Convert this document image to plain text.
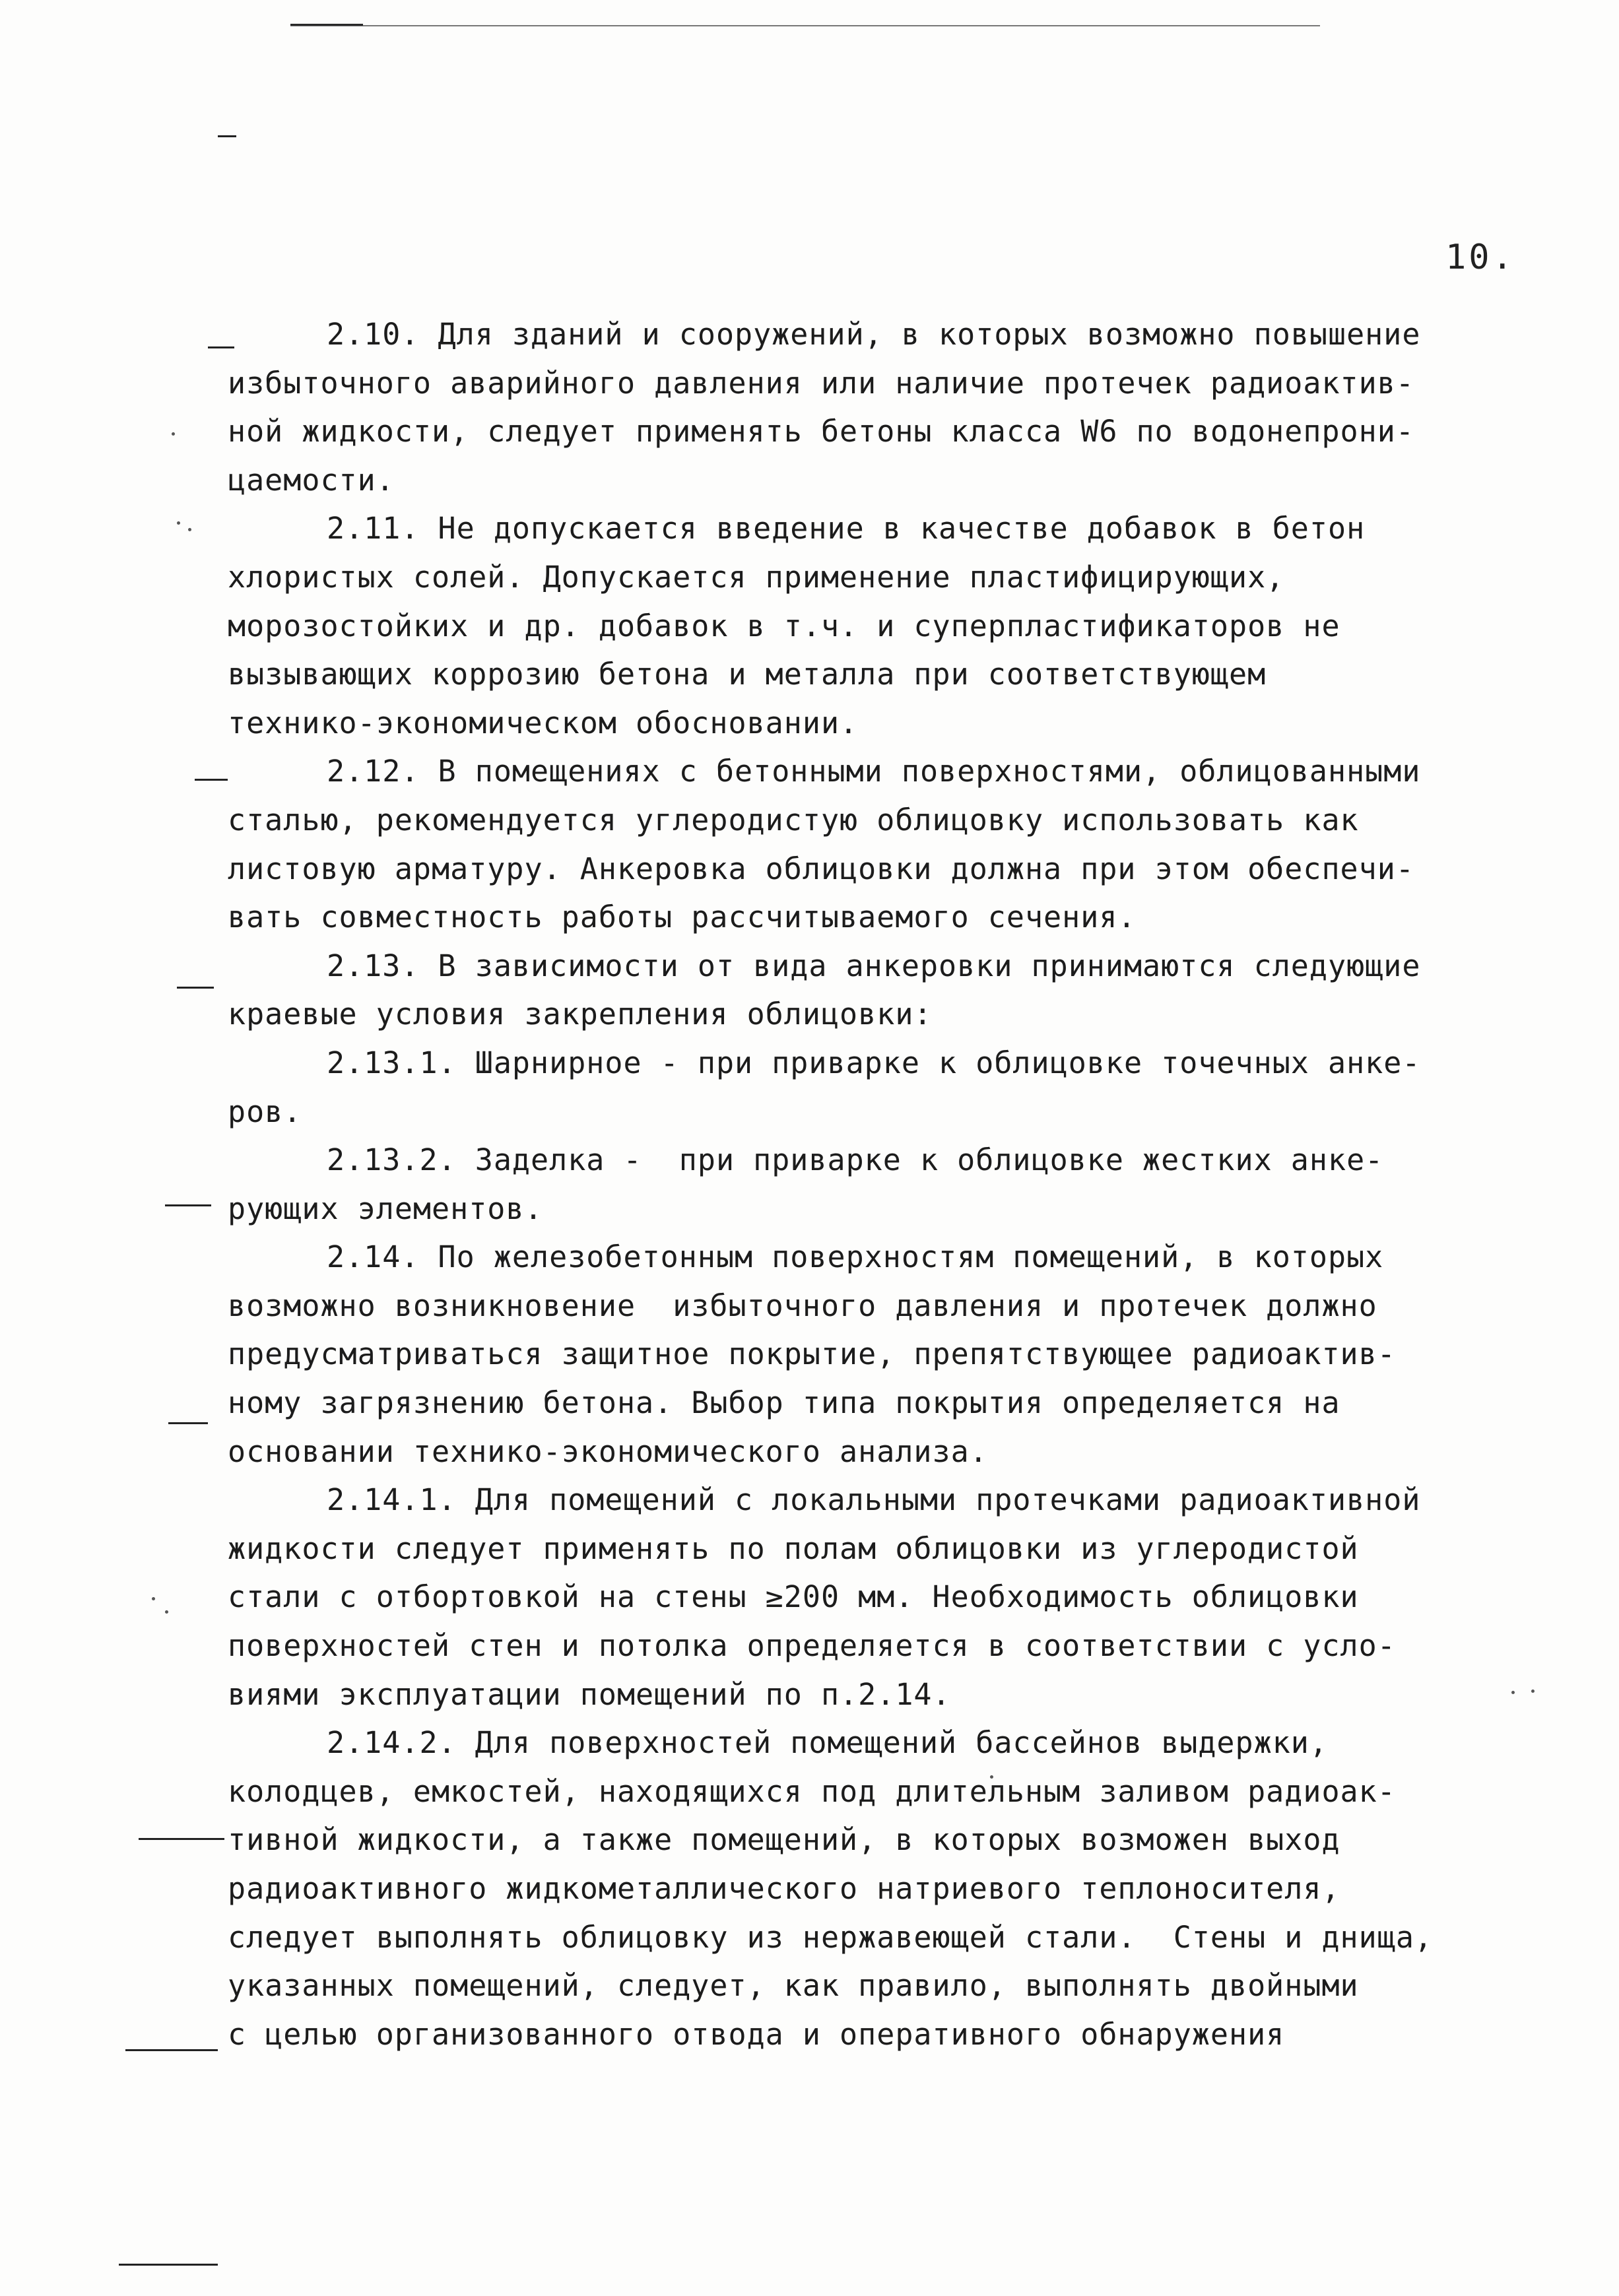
10.
2.10. Для зданий и сооружений, в которых возможно повышение
избыточного аварийного давления или наличие протечек радиоактив-
ной жидкости, следует применять бетоны класса W6 по водонепрони-
цаемости.
2.11. Не допускается введение в качестве добавок в бетон
хлористых солей. Допускается применение пластифицирующих,
морозостойких и др. добавок в т.ч. и суперпластификаторов не
вызывающих коррозию бетона и металла при соответствующем
технико-экономическом обосновании.
2.12. В помещениях с бетонными поверхностями, облицованными
сталью, рекомендуется углеродистую облицовку использовать как
листовую арматуру. Анкеровка облицовки должна при этом обеспечи-
вать совместность работы рассчитываемого сечения.
2.13. В зависимости от вида анкеровки принимаются следующие
краевые условия закрепления облицовки:
2.13.1. Шарнирное - при приварке к облицовке точечных анке-
ров.
2.13.2. Заделка -  при приварке к облицовке жестких анке-
рующих элементов.
2.14. По железобетонным поверхностям помещений, в которых
возможно возникновение  избыточного давления и протечек должно
предусматриваться защитное покрытие, препятствующее радиоактив-
ному загрязнению бетона. Выбор типа покрытия определяется на
основании технико-экономического анализа.
2.14.1. Для помещений с локальными протечками радиоактивной
жидкости следует применять по полам облицовки из углеродистой
стали с отбортовкой на стены ≥200 мм. Необходимость облицовки
поверхностей стен и потолка определяется в соответствии с усло-
виями эксплуатации помещений по п.2.14.
2.14.2. Для поверхностей помещений бассейнов выдержки,
колодцев, емкостей, находящихся под длительным заливом радиоак-
тивной жидкости, а также помещений, в которых возможен выход
радиоактивного жидкометаллического натриевого теплоносителя,
следует выполнять облицовку из нержавеющей стали.  Стены и днища,
указанных помещений, следует, как правило, выполнять двойными
с целью организованного отвода и оперативного обнаружения
